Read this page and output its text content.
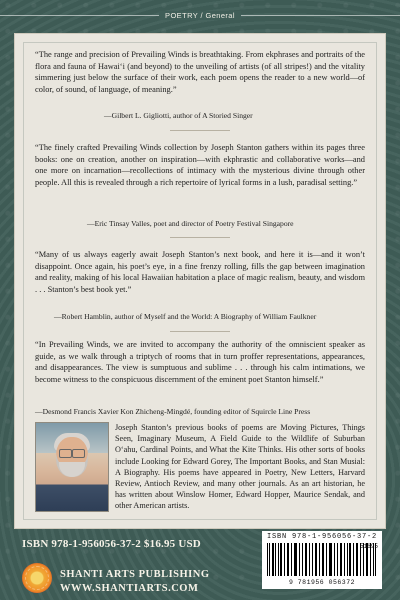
POETRY / General
“The range and precision of Prevailing Winds is breathtaking. From ekphrases and portraits of the flora and fauna of Hawai‘i (and beyond) to the unveiling of artists (of all stripes!) and the vitality simmering just below the surface of their work, each poem opens the reader to a new world—of color, of sound, of language, of meaning.”
—Gilbert L. Gigliotti, author of A Storied Singer
“The finely crafted Prevailing Winds collection by Joseph Stanton gathers within its pages three books: one on creation, another on inspiration—with ekphrastic and collaborative works—and one more on incarnation—recollections of intimacy with the mysterious divine through other people. All this is revealed through a rich repertoire of lyrical forms in a lush, paradisal setting.”
—Eric Tinsay Valles, poet and director of Poetry Festival Singapore
“Many of us always eagerly await Joseph Stanton’s next book, and here it is—and it won’t disappoint. Once again, his poet’s eye, in a fine frenzy rolling, fills the gap between imagination and reality, making of his local Hawaiian habitation a place of magic realism, beauty, and wisdom . . . Stanton’s best book yet.”
—Robert Hamblin, author of Myself and the World: A Biography of William Faulkner
“In Prevailing Winds, we are invited to accompany the authority of the omniscient speaker as guide, as we walk through a triptych of rooms that in turn proffer representations, appearances, and disappearances. The view is sumptuous and sublime . . . through his calm intimations, we become witness to the conspicuous discernment of the eminent poet Stanton himself.”
—Desmond Francis Xavier Kon Zhicheng-Mingdé, founding editor of Squircle Line Press
Joseph Stanton’s previous books of poems are Moving Pictures, Things Seen, Imaginary Museum, A Field Guide to the Wildlife of Suburban O‘ahu, Cardinal Points, and What the Kite Thinks. His other sorts of books include Looking for Edward Gorey, The Important Books, and Stan Musial: A Biography. His poems have appeared in Poetry, New Letters, Harvard Review, Antioch Review, and many other journals. As an art historian, he has written about Winslow Homer, Edward Hopper, Maurice Sendak, and other American artists.
ISBN 978-1-956056-37-2 $16.95 USD
SHANTI ARTS PUBLISHING
WWW.SHANTIARTS.COM
ISBN 978-1-956056-37-2
51695
9 781956 056372
